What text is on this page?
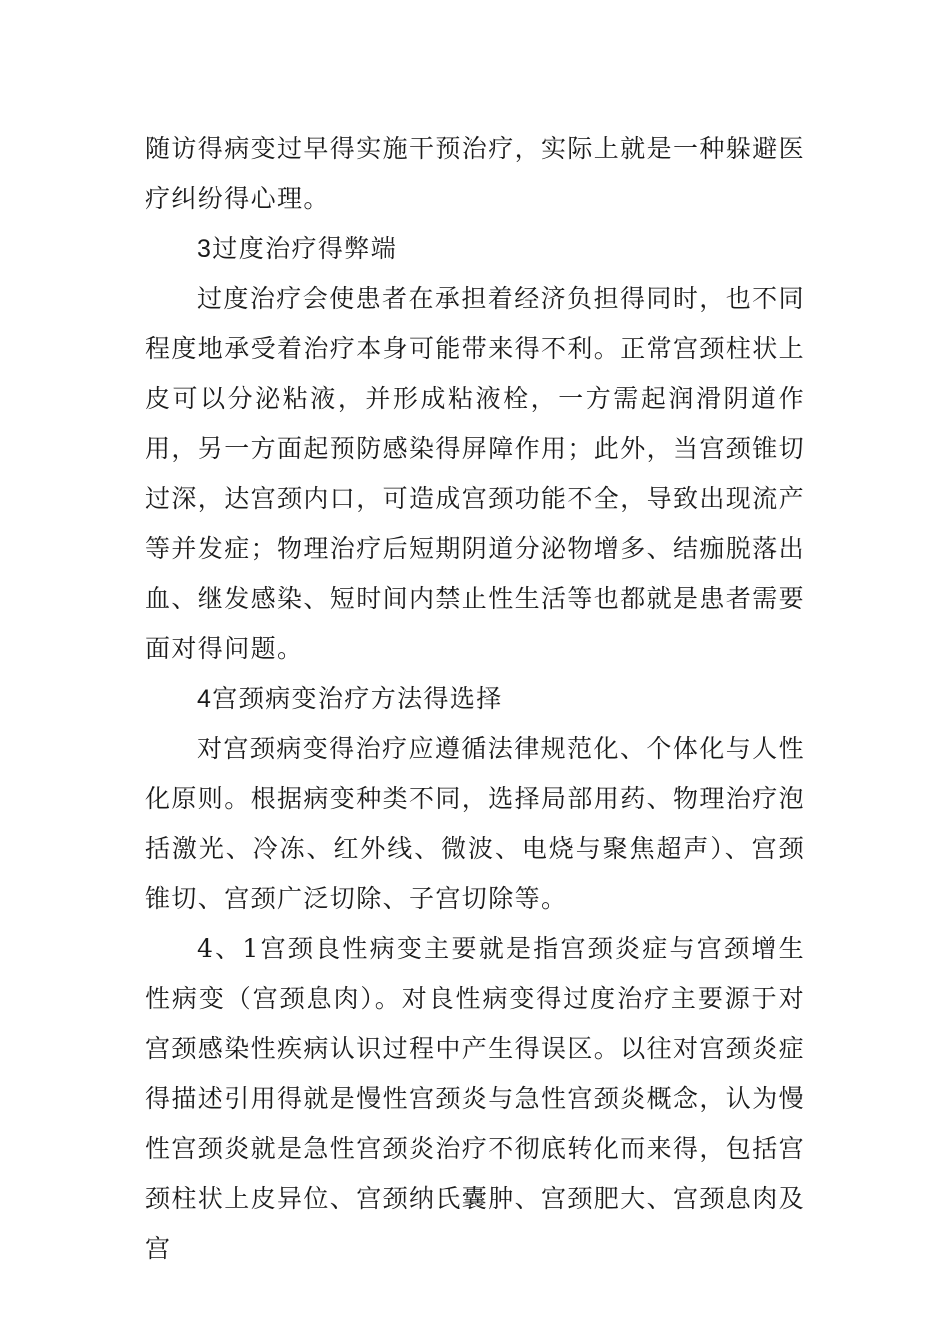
随访得病变过早得实施干预治疗，实际上就是一种躲避医疗纠纷得心理。

3过度治疗得弊端

过度治疗会使患者在承担着经济负担得同时，也不同程度地承受着治疗本身可能带来得不利。正常宫颈柱状上皮可以分泌粘液，并形成粘液栓，一方需起润滑阴道作用，另一方面起预防感染得屏障作用；此外，当宫颈锥切过深，达宫颈内口，可造成宫颈功能不全，导致出现流产等并发症；物理治疗后短期阴道分泌物增多、结痂脱落出血、继发感染、短时间内禁止性生活等也都就是患者需要面对得问题。

4宫颈病变治疗方法得选择

对宫颈病变得治疗应遵循法律规范化、个体化与人性化原则。根据病变种类不同，选择局部用药、物理治疗泡括激光、冷冻、红外线、微波、电烧与聚焦超声）、宫颈锥切、宫颈广泛切除、子宫切除等。

4、1宫颈良性病变主要就是指宫颈炎症与宫颈增生性病变（宫颈息肉）。对良性病变得过度治疗主要源于对宫颈感染性疾病认识过程中产生得误区。以往对宫颈炎症得描述引用得就是慢性宫颈炎与急性宫颈炎概念，认为慢性宫颈炎就是急性宫颈炎治疗不彻底转化而来得，包括宫颈柱状上皮异位、宫颈纳氏囊肿、宫颈肥大、宫颈息肉及宫
